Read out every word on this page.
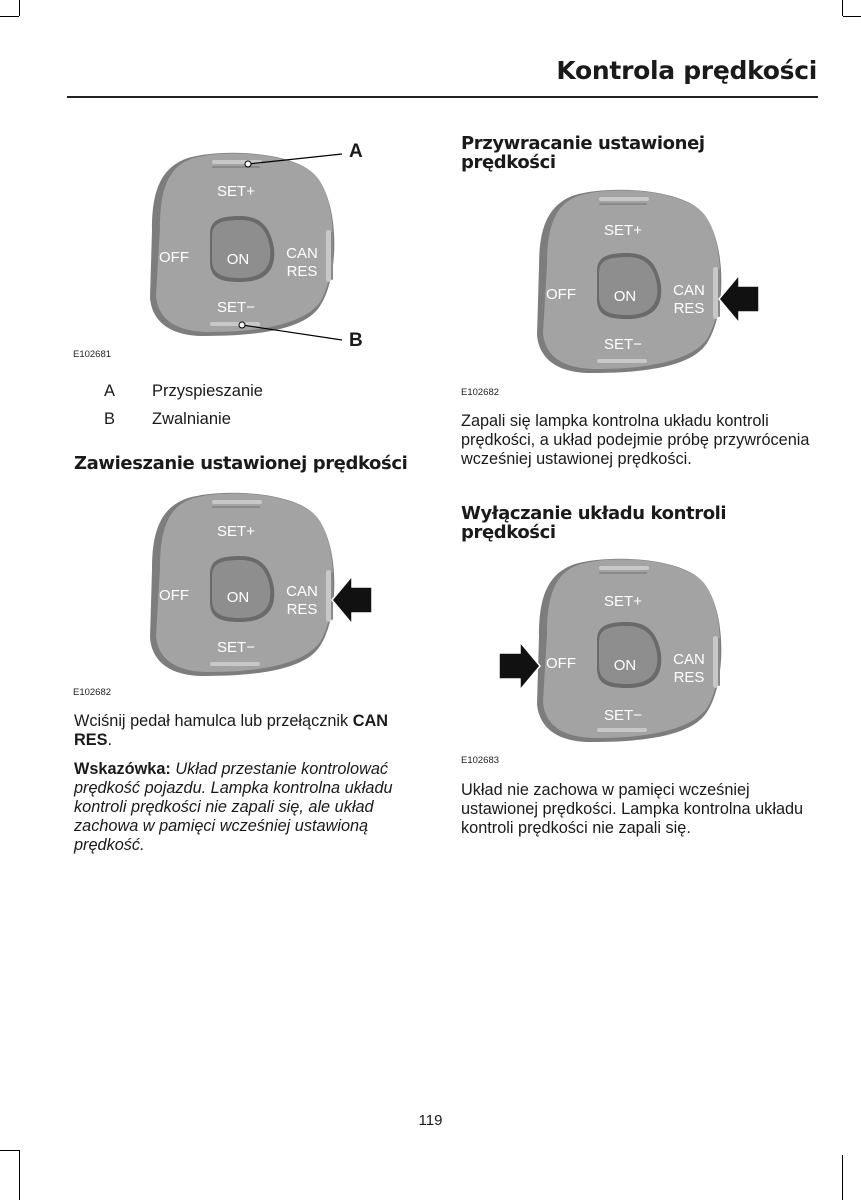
Kontrola prędkości
SET+
OFF	ON CAN
RES
SET−
A
B
E102681
A Przyspieszanie
B Zwalnianie
Zawieszanie ustawionej prędkości
SET+
OFF	ON CAN
RES
SET−
E102682
Wciśnij pedał hamulca lub przełącznik CAN RES.
Wskazówka: Układ przestanie kontrolować prędkość pojazdu. Lampka kontrolna układu kontroli prędkości nie zapali się, ale układ zachowa w pamięci wcześniej ustawioną prędkość.
Przywracanie ustawionej prędkości
SET+
OFF	ON CAN
RES
SET−
E102682
Zapali się lampka kontrolna układu kontroli prędkości, a układ podejmie próbę przywrócenia wcześniej ustawionej prędkości.
Wyłączanie układu kontroli prędkości
SET+
OFF	ON CAN
RES
SET−
E102683
Układ nie zachowa w pamięci wcześniej ustawionej prędkości. Lampka kontrolna układu kontroli prędkości nie zapali się.
119
